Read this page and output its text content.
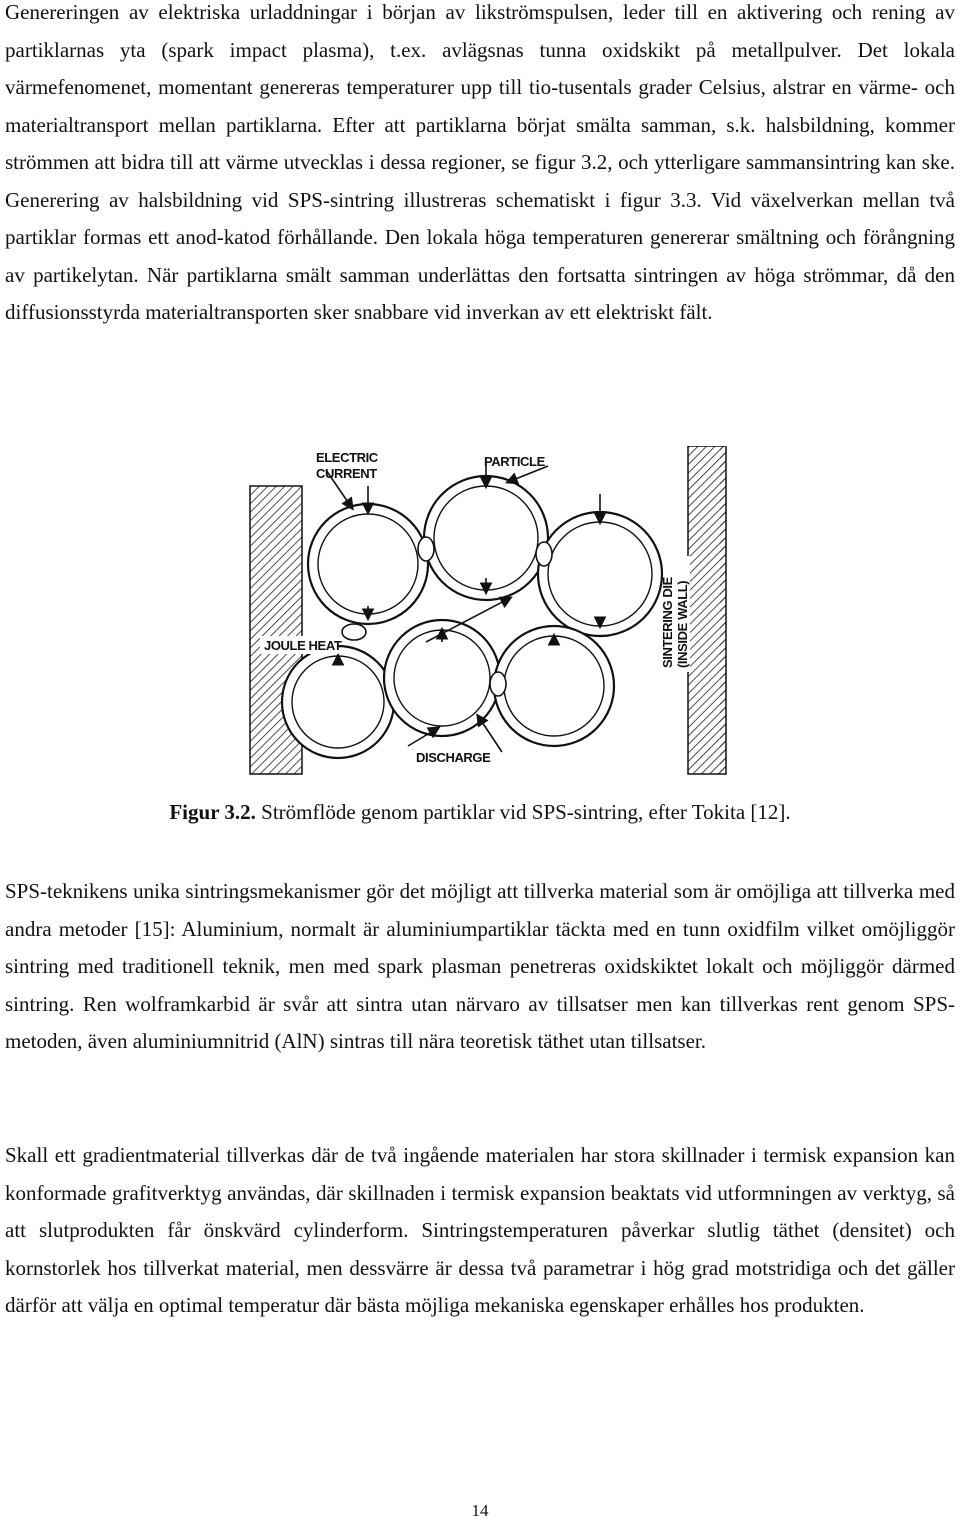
Genereringen av elektriska urladdningar i början av likströmspulsen, leder till en aktivering och rening av partiklarnas yta (spark impact plasma), t.ex. avlägsnas tunna oxidskikt på metallpulver. Det lokala värmefenomenet, momentant genereras temperaturer upp till tio-tusentals grader Celsius, alstrar en värme- och materialtransport mellan partiklarna. Efter att partiklarna börjat smälta samman, s.k. halsbildning, kommer strömmen att bidra till att värme utvecklas i dessa regioner, se figur 3.2, och ytterligare sammansintring kan ske. Generering av halsbildning vid SPS-sintring illustreras schematiskt i figur 3.3. Vid växelverkan mellan två partiklar formas ett anod-katod förhållande. Den lokala höga temperaturen genererar smältning och förångning av partikelytan. När partiklarna smält samman underlättas den fortsatta sintringen av höga strömmar, då den diffusionsstyrda materialtransporten sker snabbare vid inverkan av ett elektriskt fält.

ELECTRIC
CURRENT
PARTICLE
JOULE HEAT
DISCHARGE
SINTERING DIE (INSIDE WALL)

Figur 3.2. Strömflöde genom partiklar vid SPS-sintring, efter Tokita [12].

SPS-teknikens unika sintringsmekanismer gör det möjligt att tillverka material som är omöjliga att tillverka med andra metoder [15]: Aluminium, normalt är aluminiumpartiklar täckta med en tunn oxidfilm vilket omöjliggör sintring med traditionell teknik, men med spark plasman penetreras oxidskiktet lokalt och möjliggör därmed sintring. Ren wolframkarbid är svår att sintra utan närvaro av tillsatser men kan tillverkas rent genom SPS-metoden, även aluminiumnitrid (AlN) sintras till nära teoretisk täthet utan tillsatser.

Skall ett gradientmaterial tillverkas där de två ingående materialen har stora skillnader i termisk expansion kan konformade grafitverktyg användas, där skillnaden i termisk expansion beaktats vid utformningen av verktyg, så att slutprodukten får önskvärd cylinderform. Sintringstemperaturen påverkar slutlig täthet (densitet) och kornstorlek hos tillverkat material, men dessvärre är dessa två parametrar i hög grad motstridiga och det gäller därför att välja en optimal temperatur där bästa möjliga mekaniska egenskaper erhålles hos produkten.

14
